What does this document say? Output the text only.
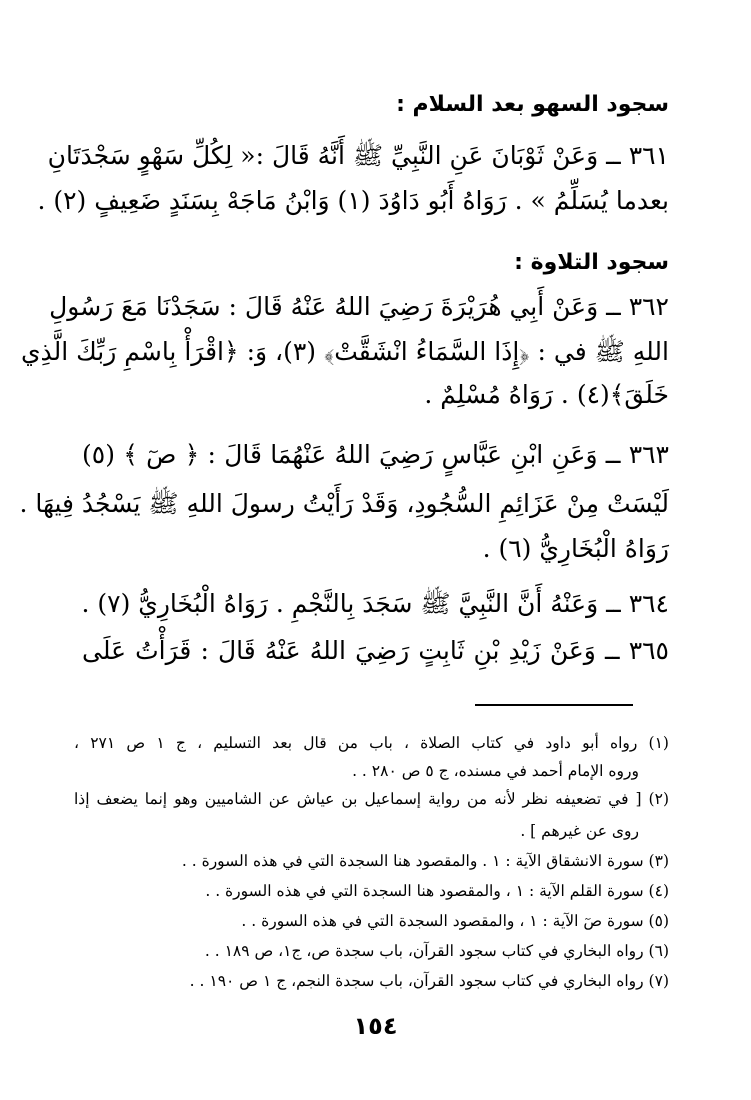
سجود السهو بعد السلام :
٣٦١ ــ وَعَنْ ثَوْبَانَ عَنِ النَّبِيِّ ﷺ أَنَّهُ قَالَ :« لِكُلِّ سَهْوٍ سَجْدَتَانِ
بعدما يُسَلِّمُ » . رَوَاهُ أَبُو دَاوُدَ (١) وَابْنُ مَاجَهْ بِسَنَدٍ ضَعِيفٍ (٢) .
سجود التلاوة :
٣٦٢ ــ وَعَنْ أَبِي هُرَيْرَةَ رَضِيَ اللهُ عَنْهُ قَالَ : سَجَدْنَا مَعَ رَسُولِ
اللهِ ﷺ في : ﴿إِذَا السَّمَاءُ انْشَقَّتْ﴾ (٣)، وَ: ﴿اقْرَأْ بِاسْمِ رَبِّكَ الَّذِي
خَلَقَ﴾(٤) . رَوَاهُ مُسْلِمٌ .
٣٦٣ ــ وَعَنِ ابْنِ عَبَّاسٍ رَضِيَ اللهُ عَنْهُمَا قَالَ : ﴿ صٓ ﴾ (٥)
لَيْسَتْ مِنْ عَزَائِمِ السُّجُودِ، وَقَدْ رَأَيْتُ رسولَ اللهِ ﷺ يَسْجُدُ فِيهَا .
رَوَاهُ الْبُخَارِيُّ (٦) .
٣٦٤ ــ وَعَنْهُ أَنَّ النَّبِيَّ ﷺ سَجَدَ بِالنَّجْمِ . رَوَاهُ الْبُخَارِيُّ (٧) .
٣٦٥ ــ وَعَنْ زَيْدِ بْنِ ثَابِتٍ رَضِيَ اللهُ عَنْهُ قَالَ : قَرَأْتُ عَلَى
(١) رواه أبو داود في كتاب الصلاة ، باب من قال بعد التسليم ، ج ١ ص ٢٧١ ،
وروه الإمام أحمد في مسنده، ج ٥ ص ٢٨٠ . .
(٢) [ في تضعيفه نظر لأنه من رواية إسماعيل بن عياش عن الشاميين وهو إنما يضعف إذا
روى عن غيرهم ] .
(٣) سورة الانشقاق الآية : ١ . والمقصود هنا السجدة التي في هذه السورة . .
(٤) سورة القلم الآية : ١ ، والمقصود هنا السجدة التي في هذه السورة . .
(٥) سورة صٓ الآية : ١ ، والمقصود السجدة التي في هذه السورة . .
(٦) رواه البخاري في كتاب سجود القرآن، باب سجدة ص، ج١، ص ١٨٩ . .
(٧) رواه البخاري في كتاب سجود القرآن، باب سجدة النجم، ج ١ ص ١٩٠ . .
١٥٤
